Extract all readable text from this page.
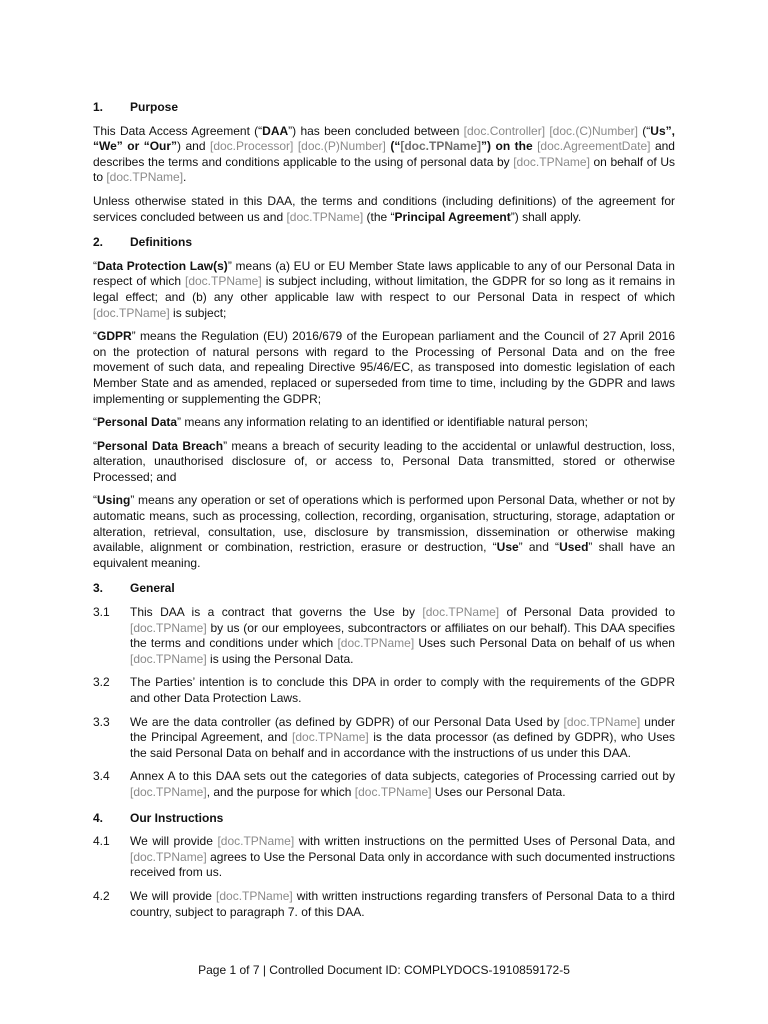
1.	Purpose

This Data Access Agreement (“DAA”) has been concluded between [doc.Controller] [doc.(C)Number] (“Us”, “We” or “Our”) and [doc.Processor] [doc.(P)Number] (“[doc.TPName]”) on the [doc.AgreementDate] and describes the terms and conditions applicable to the using of personal data by [doc.TPName] on behalf of Us to [doc.TPName].

Unless otherwise stated in this DAA, the terms and conditions (including definitions) of the agreement for services concluded between us and [doc.TPName] (the “Principal Agreement”) shall apply.

2.	Definitions

“Data Protection Law(s)” means (a) EU or EU Member State laws applicable to any of our Personal Data in respect of which [doc.TPName] is subject including, without limitation, the GDPR for so long as it remains in legal effect; and (b) any other applicable law with respect to our Personal Data in respect of which [doc.TPName] is subject;

“GDPR” means the Regulation (EU) 2016/679 of the European parliament and the Council of 27 April 2016 on the protection of natural persons with regard to the Processing of Personal Data and on the free movement of such data, and repealing Directive 95/46/EC, as transposed into domestic legislation of each Member State and as amended, replaced or superseded from time to time, including by the GDPR and laws implementing or supplementing the GDPR;

“Personal Data” means any information relating to an identified or identifiable natural person;

“Personal Data Breach” means a breach of security leading to the accidental or unlawful destruction, loss, alteration, unauthorised disclosure of, or access to, Personal Data transmitted, stored or otherwise Processed; and

“Using” means any operation or set of operations which is performed upon Personal Data, whether or not by automatic means, such as processing, collection, recording, organisation, structuring, storage, adaptation or alteration, retrieval, consultation, use, disclosure by transmission, dissemination or otherwise making available, alignment or combination, restriction, erasure or destruction, “Use” and “Used” shall have an equivalent meaning.

3.	General
3.1	This DAA is a contract that governs the Use by [doc.TPName] of Personal Data provided to [doc.TPName] by us (or our employees, subcontractors or affiliates on our behalf). This DAA specifies the terms and conditions under which [doc.TPName] Uses such Personal Data on behalf of us when [doc.TPName] is using the Personal Data.
3.2	The Parties’ intention is to conclude this DPA in order to comply with the requirements of the GDPR and other Data Protection Laws.
3.3	We are the data controller (as defined by GDPR) of our Personal Data Used by [doc.TPName] under the Principal Agreement, and [doc.TPName] is the data processor (as defined by GDPR), who Uses the said Personal Data on behalf and in accordance with the instructions of us under this DAA.
3.4	Annex A to this DAA sets out the categories of data subjects, categories of Processing carried out by [doc.TPName], and the purpose for which [doc.TPName] Uses our Personal Data.
4.	Our Instructions
4.1	We will provide [doc.TPName] with written instructions on the permitted Uses of Personal Data, and [doc.TPName] agrees to Use the Personal Data only in accordance with such documented instructions received from us.
4.2	We will provide [doc.TPName] with written instructions regarding transfers of Personal Data to a third country, subject to paragraph 7. of this DAA.
Page 1 of 7 | Controlled Document ID: COMPLYDOCS-1910859172-5
